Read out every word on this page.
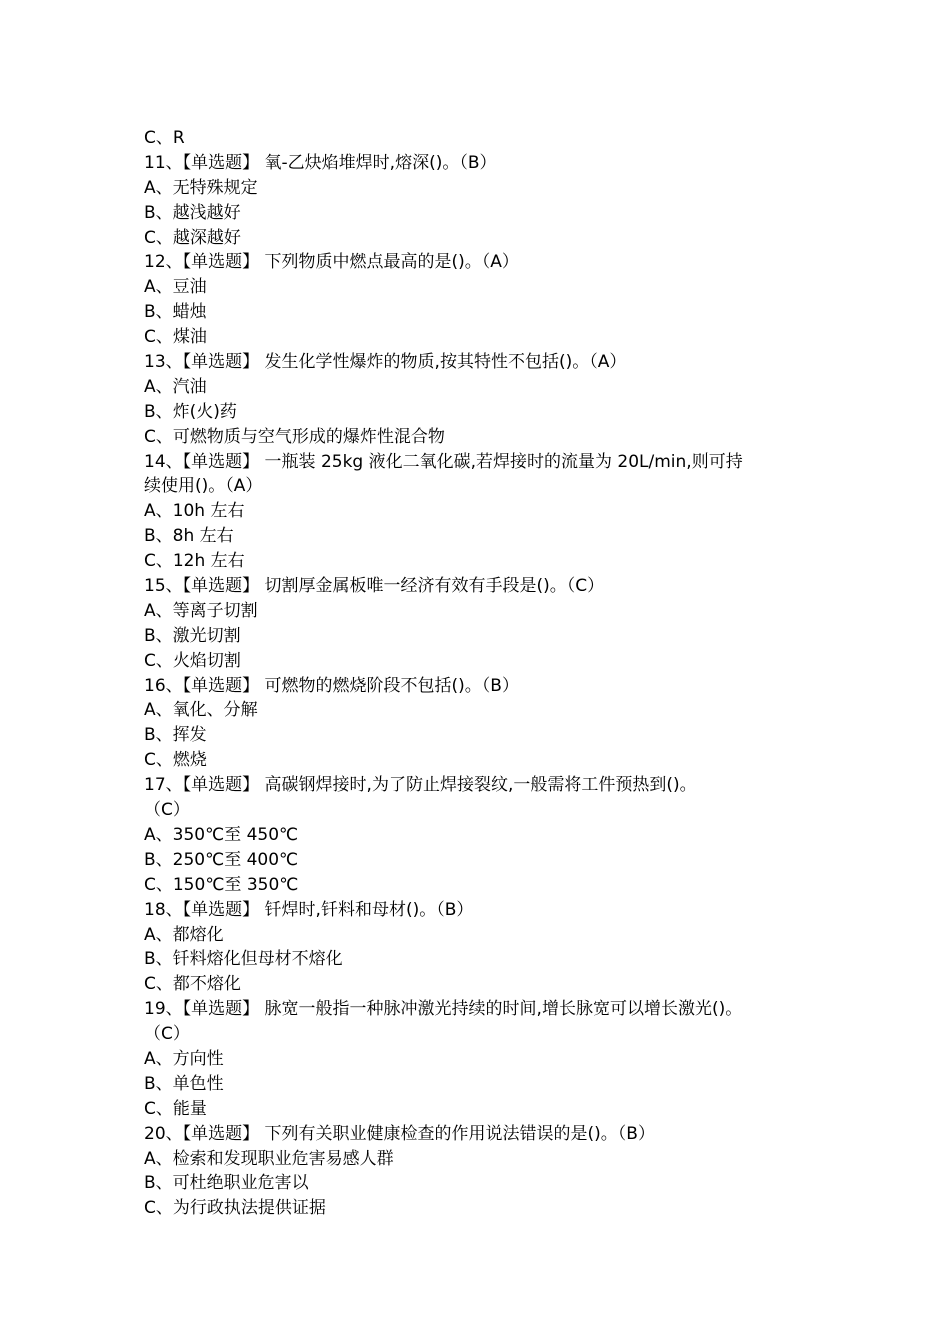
C、R
11、【单选题】 氧-乙炔焰堆焊时,熔深()。（B）
A、无特殊规定
B、越浅越好
C、越深越好
12、【单选题】 下列物质中燃点最高的是()。（A）
A、豆油
B、蜡烛
C、煤油
13、【单选题】 发生化学性爆炸的物质,按其特性不包括()。（A）
A、汽油
B、炸(火)药
C、可燃物质与空气形成的爆炸性混合物
14、【单选题】 一瓶装 25kg 液化二氧化碳,若焊接时的流量为 20L/min,则可持
续使用()。（A）
A、10h 左右
B、8h 左右
C、12h 左右
15、【单选题】 切割厚金属板唯一经济有效有手段是()。（C）
A、等离子切割
B、激光切割
C、火焰切割
16、【单选题】 可燃物的燃烧阶段不包括()。（B）
A、氧化、分解
B、挥发
C、燃烧
17、【单选题】 高碳钢焊接时,为了防止焊接裂纹,一般需将工件预热到()。
（C）
A、350℃至 450℃
B、250℃至 400℃
C、150℃至 350℃
18、【单选题】 钎焊时,钎料和母材()。（B）
A、都熔化
B、钎料熔化但母材不熔化
C、都不熔化
19、【单选题】 脉宽一般指一种脉冲激光持续的时间,增长脉宽可以增长激光()。
（C）
A、方向性
B、单色性
C、能量
20、【单选题】 下列有关职业健康检查的作用说法错误的是()。（B）
A、检索和发现职业危害易感人群
B、可杜绝职业危害以
C、为行政执法提供证据
